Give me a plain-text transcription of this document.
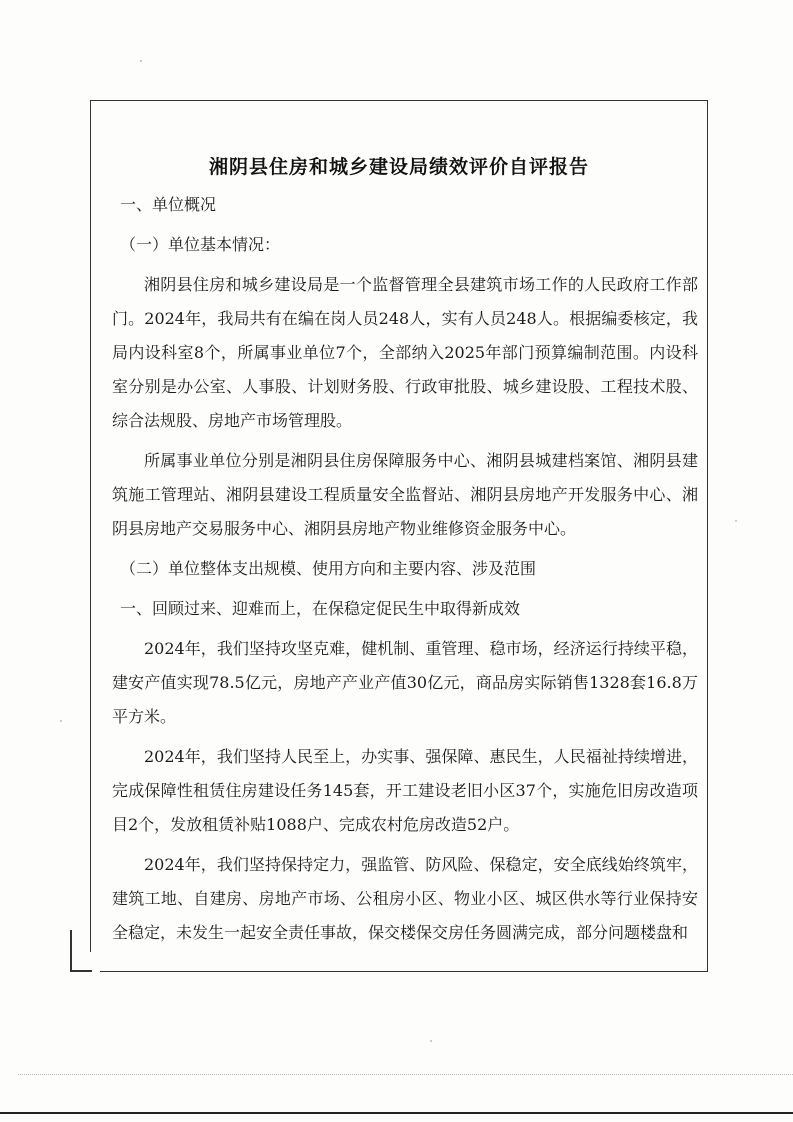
湘阴县住房和城乡建设局绩效评价自评报告
一、单位概况
（一）单位基本情况：

湘阴县住房和城乡建设局是一个监督管理全县建筑市场工作的人民政府工作部门。2024年，我局共有在编在岗人员248人，实有人员248人。根据编委核定，我局内设科室8个，所属事业单位7个，全部纳入2025年部门预算编制范围。内设科室分别是办公室、人事股、计划财务股、行政审批股、城乡建设股、工程技术股、综合法规股、房地产市场管理股。

所属事业单位分别是湘阴县住房保障服务中心、湘阴县城建档案馆、湘阴县建筑施工管理站、湘阴县建设工程质量安全监督站、湘阴县房地产开发服务中心、湘阴县房地产交易服务中心、湘阴县房地产物业维修资金服务中心。

（二）单位整体支出规模、使用方向和主要内容、涉及范围
一、回顾过来、迎难而上，在保稳定促民生中取得新成效

2024年，我们坚持攻坚克难，健机制、重管理、稳市场，经济运行持续平稳，建安产值实现78.5亿元，房地产产业产值30亿元，商品房实际销售1328套16.8万平方米。

2024年，我们坚持人民至上，办实事、强保障、惠民生，人民福祉持续增进，完成保障性租赁住房建设任务145套，开工建设老旧小区37个，实施危旧房改造项目2个，发放租赁补贴1088户、完成农村危房改造52户。

2024年，我们坚持保持定力，强监管、防风险、保稳定，安全底线始终筑牢，建筑工地、自建房、房地产市场、公租房小区、物业小区、城区供水等行业保持安全稳定，未发生一起安全责任事故，保交楼保交房任务圆满完成，部分问题楼盘和
